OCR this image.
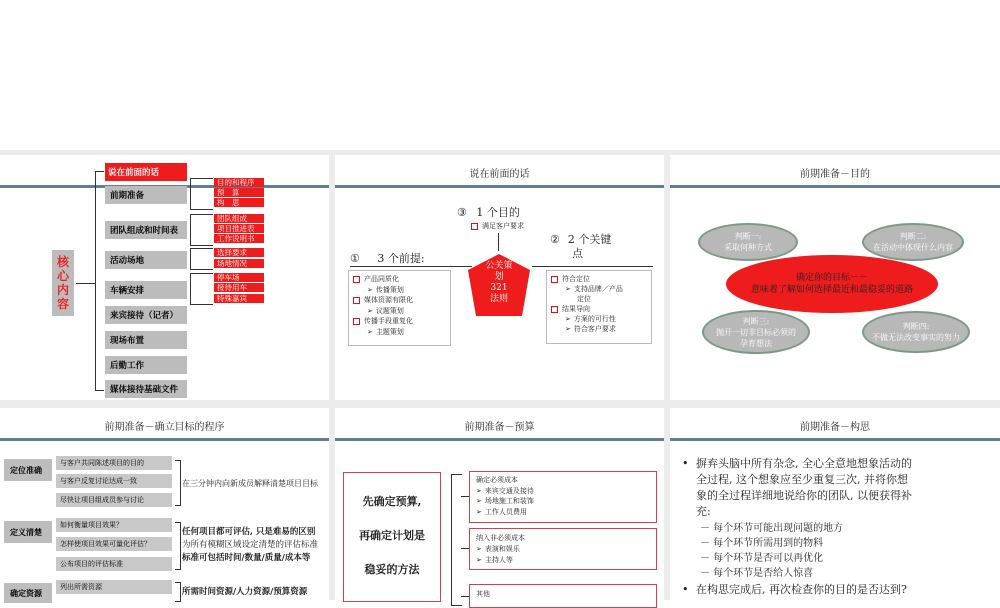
核心内容
说在前面的话
前期准备
团队组成和时间表
活动场地
车辆安排
来宾接待（记者）
现场布置
后勤工作
媒体接待基础文件
目的和程序
预　算
构　思
团队组成
项目推进表
工作说明书
选择要求
场地情况
停车场
接待用车
特殊嘉宾
说在前面的话
公关策
划
321
法则
③ 1 个目的
满足客户要求
① 3 个前提:
产品同质化
➢ 传播策划
媒体资源有限化
➢ 议题策划
传播手段重复化
➢ 主题策划
② 2 个关键
点
符合定位
➢ 支持品牌／产品
定位
结果导向
➢ 方案的可行性
➢ 符合客户要求
前期准备－目的
判断一:
采取何种方式
判断二:
在活动中体现什么内容
判断三:
抛开一切非目标必须的
孕育想法
判断四:
不做无法改变事实的努力
确定你的目标－－
意味着了解如何选择最近和最稳妥的道路
前期准备－确立目标的程序
定位准确
与客户共同陈述项目的目的
与客户反复讨论达成一致
尽快让项目组成员参与讨论
在三分钟内向新成员解释清楚项目目标
定义清楚
如何衡量项目效果？
怎样使项目效果可量化评估？
公布项目的评估标准
任何项目都可评估, 只是难易的区别
为所有模糊区域设定清楚的评估标准
标准可包括时间/数量/质量/成本等
确定资源
列出所需资源	所需时间资源/人力资源/预算资源
前期准备－预算
先确定预算,
再确定计划是
稳妥的方法
确定必须成本
➢ 来宾交通及接待
➢ 场地施工和装饰
➢ 工作人员费用
纳入非必须成本
➢ 表演和娱乐
➢ 主持人等
其他
前期准备－构思
• 摒弃头脑中所有杂念, 全心全意地想象活动的
全过程, 这个想象应至少重复三次, 并将你想
象的全过程详细地说给你的团队, 以便获得补
充:
－ 每个环节可能出现问题的地方
－ 每个环节所需用到的物料
－ 每个环节是否可以再优化
－ 每个环节是否给人惊喜
• 在构思完成后, 再次检查你的目的是否达到?
